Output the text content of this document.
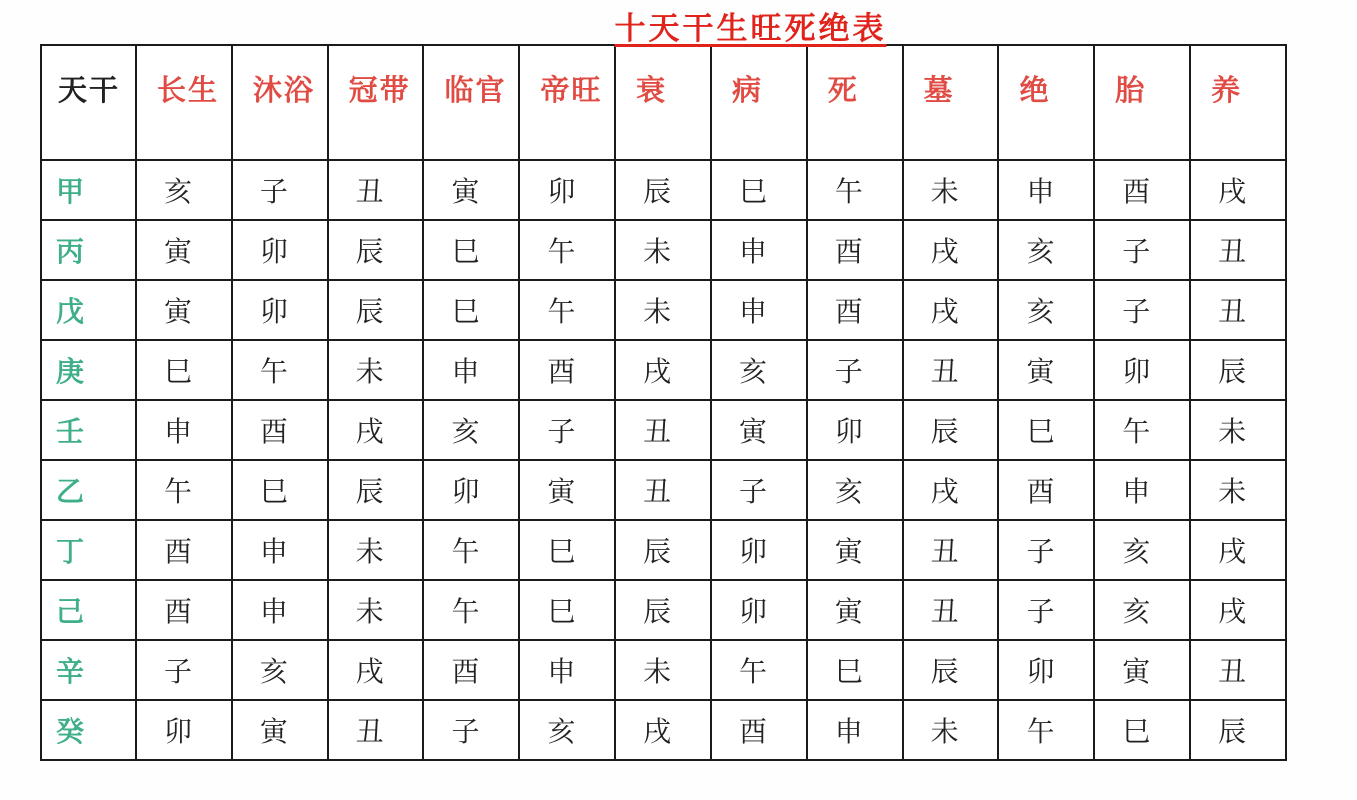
十天干生旺死绝表
天干	长生	沐浴	冠带	临官	帝旺	衰	病	死	墓	绝	胎	养
甲	亥	子	丑	寅	卯	辰	巳	午	未	申	酉	戌
丙	寅	卯	辰	巳	午	未	申	酉	戌	亥	子	丑
戊	寅	卯	辰	巳	午	未	申	酉	戌	亥	子	丑
庚	巳	午	未	申	酉	戌	亥	子	丑	寅	卯	辰
壬	申	酉	戌	亥	子	丑	寅	卯	辰	巳	午	未
乙	午	巳	辰	卯	寅	丑	子	亥	戌	酉	申	未
丁	酉	申	未	午	巳	辰	卯	寅	丑	子	亥	戌
己	酉	申	未	午	巳	辰	卯	寅	丑	子	亥	戌
辛	子	亥	戌	酉	申	未	午	巳	辰	卯	寅	丑
癸	卯	寅	丑	子	亥	戌	酉	申	未	午	巳	辰
